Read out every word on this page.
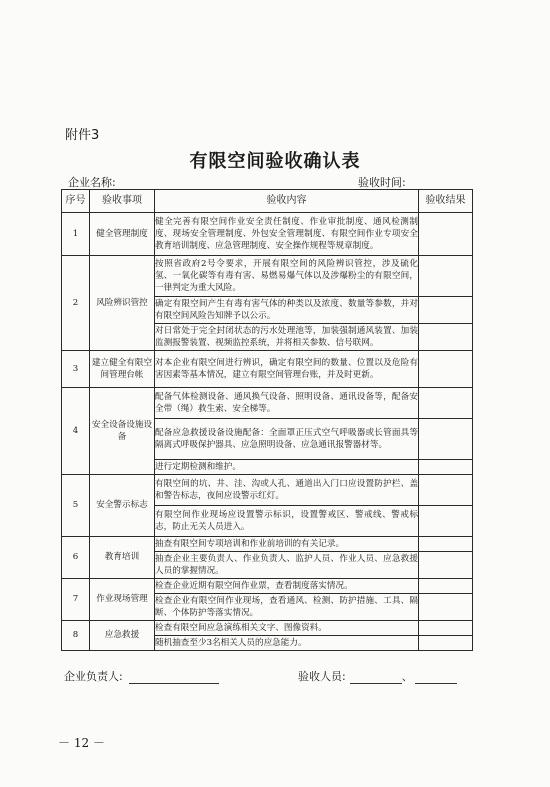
附件3
有限空间验收确认表
企业名称:	验收时间:
序号	验收事项	验收内容	验收结果
1	健全管理制度	健全完善有限空间作业安全责任制度、作业审批制度、通风检测制度、现场安全管理制度、外包安全管理制度、有限空间作业专项安全教育培训制度、应急管理制度、安全操作规程等规章制度。	
2	风险辨识管控	按照省政府2号令要求，开展有限空间的风险辨识管控，涉及硫化氢、一氧化碳等有毒有害、易燃易爆气体以及涉爆粉尘的有限空间，一律判定为重大风险。	
		确定有限空间产生有毒有害气体的种类以及浓度、数量等参数，并对有限空间风险告知牌予以公示。	
		对日常处于完全封闭状态的污水处理池等，加装强制通风装置、加装监测报警装置、视频监控系统，并将相关参数、信号联网。	
3	建立健全有限空间管理台帐	对本企业有限空间进行辨识，确定有限空间的数量、位置以及危险有害因素等基本情况，建立有限空间管理台账，并及时更新。	
4	安全设备设施设备	配备气体检测设备、通风换气设备、照明设备、通讯设备等，配备安全带（绳）救生索、安全梯等。	
		配备应急救援设备设施配备：全面罩正压式空气呼吸器或长管面具等隔离式呼吸保护器具、应急照明设备、应急通讯报警器材等。	
		进行定期检测和维护。	
5	安全警示标志	有限空间的坑、井、洼、沟或人孔、通道出入门口应设置防护栏、盖和警告标志，夜间应设警示红灯。	
		有限空间作业现场应设置警示标识，设置警戒区、警戒线、警戒标志，防止无关人员进入。	
6	教育培训	抽查有限空间专项培训和作业前培训的有关记录。	
		抽查企业主要负责人、作业负责人、监护人员、作业人员、应急救援人员的掌握情况。	
7	作业现场管理	检查企业近期有限空间作业票，查看制度落实情况。	
		检查企业有限空间作业现场，查看通风、检测、防护措施、工具、隔断、个体防护等落实情况。	
8	应急救援	检查有限空间应急演练相关文字、图像资料。	
		随机抽查至少3名相关人员的应急能力。	
企业负责人:	验收人员:	、
－ 12 －
